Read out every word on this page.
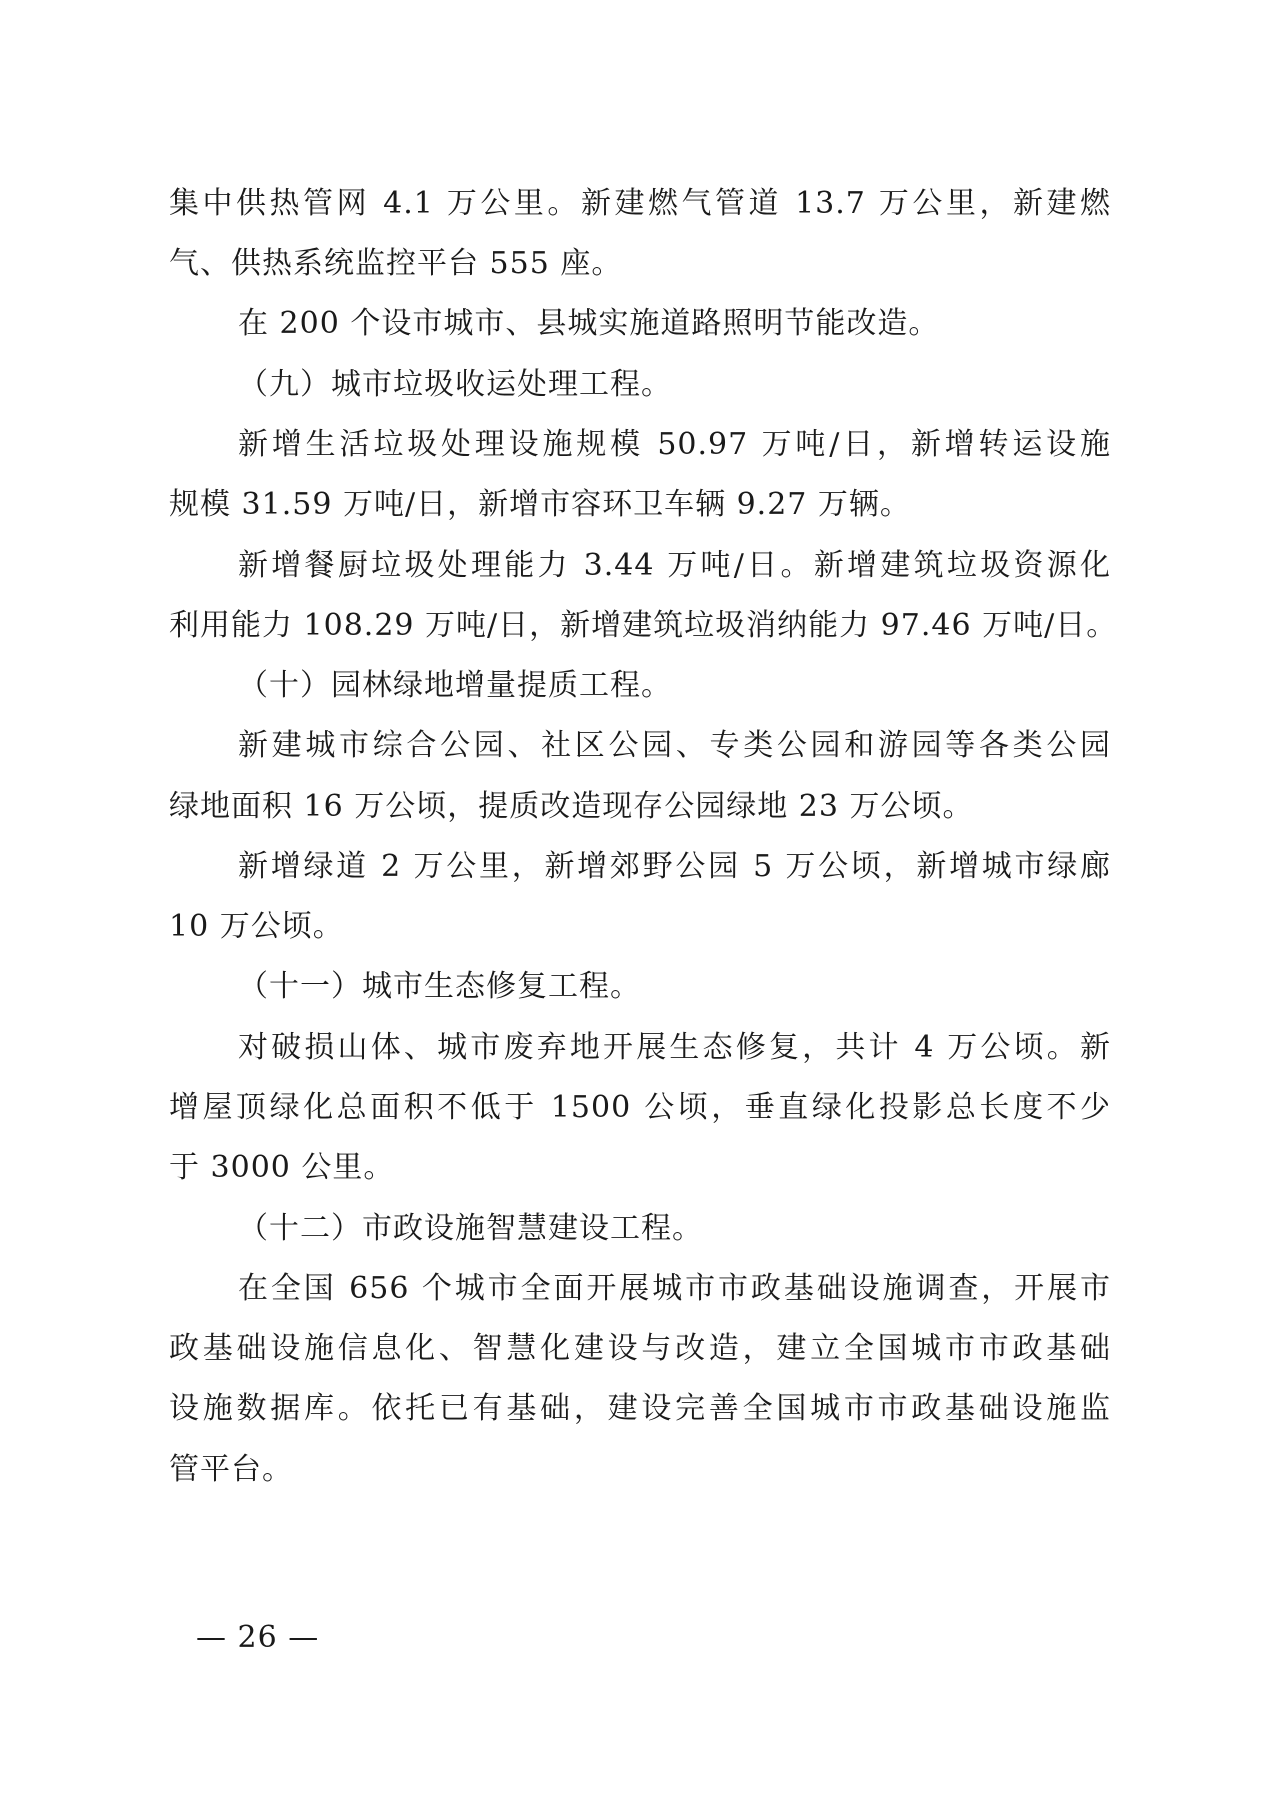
集中供热管网 4.1 万公里。新建燃气管道 13.7 万公里，新建燃

气、供热系统监控平台 555 座。

在 200 个设市城市、县城实施道路照明节能改造。

（九）城市垃圾收运处理工程。

新增生活垃圾处理设施规模 50.97 万吨/日，新增转运设施

规模 31.59 万吨/日，新增市容环卫车辆 9.27 万辆。

新增餐厨垃圾处理能力 3.44 万吨/日。新增建筑垃圾资源化

利用能力 108.29 万吨/日，新增建筑垃圾消纳能力 97.46 万吨/日。

（十）园林绿地增量提质工程。

新建城市综合公园、社区公园、专类公园和游园等各类公园

绿地面积 16 万公顷，提质改造现存公园绿地 23 万公顷。

新增绿道 2 万公里，新增郊野公园 5 万公顷，新增城市绿廊

10 万公顷。

（十一）城市生态修复工程。

对破损山体、城市废弃地开展生态修复，共计 4 万公顷。新

增屋顶绿化总面积不低于 1500 公顷，垂直绿化投影总长度不少

于 3000 公里。

（十二）市政设施智慧建设工程。

在全国 656 个城市全面开展城市市政基础设施调查，开展市

政基础设施信息化、智慧化建设与改造，建立全国城市市政基础

设施数据库。依托已有基础，建设完善全国城市市政基础设施监

管平台。

— 26 —
